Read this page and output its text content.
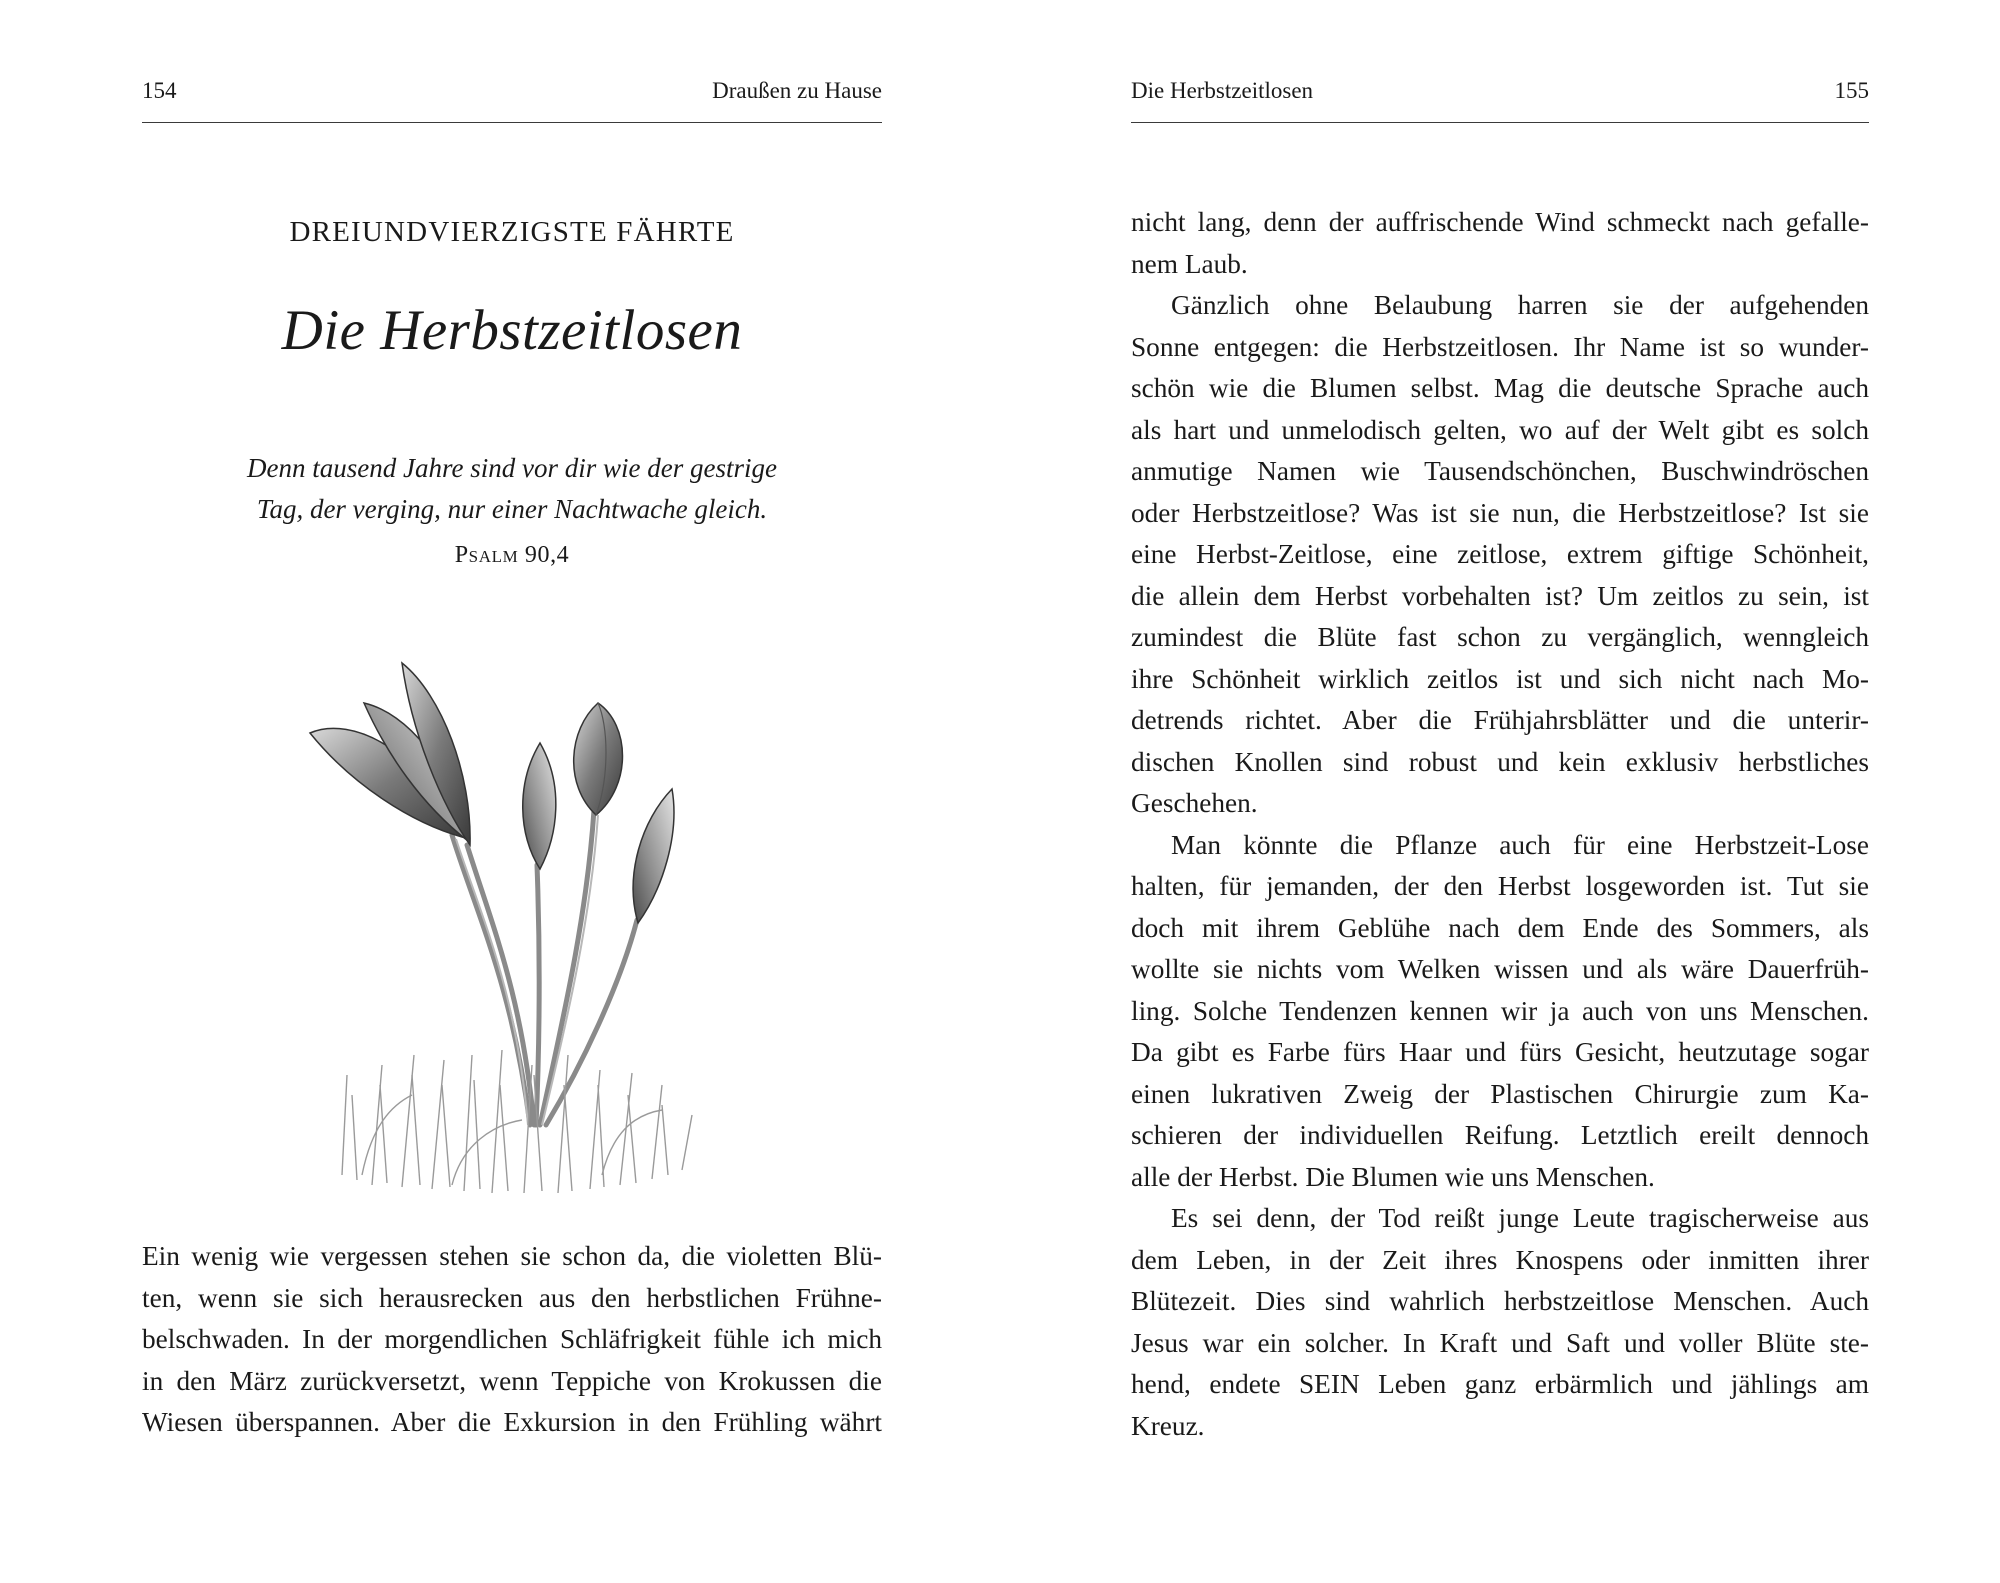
154	Draußen zu Hause
DREIUNDVIERZIGSTE FÄHRTE
Die Herbstzeitlosen
Denn tausend Jahre sind vor dir wie der gestrige
Tag, der verging, nur einer Nachtwache gleich.
Psalm 90,4
Ein wenig wie vergessen stehen sie schon da, die violetten Blü-
ten, wenn sie sich herausrecken aus den herbstlichen Frühne-
belschwaden. In der morgendlichen Schläfrigkeit fühle ich mich
in den März zurückversetzt, wenn Teppiche von Krokussen die
Wiesen überspannen. Aber die Exkursion in den Frühling währt
Die Herbstzeitlosen	155
nicht lang, denn der auffrischende Wind schmeckt nach gefalle-
nem Laub.
Gänzlich ohne Belaubung harren sie der aufgehenden
Sonne entgegen: die Herbstzeitlosen. Ihr Name ist so wunder-
schön wie die Blumen selbst. Mag die deutsche Sprache auch
als hart und unmelodisch gelten, wo auf der Welt gibt es solch
anmutige Namen wie Tausendschönchen, Buschwindröschen
oder Herbstzeitlose? Was ist sie nun, die Herbstzeitlose? Ist sie
eine Herbst-Zeitlose, eine zeitlose, extrem giftige Schönheit,
die allein dem Herbst vorbehalten ist? Um zeitlos zu sein, ist
zumindest die Blüte fast schon zu vergänglich, wenngleich
ihre Schönheit wirklich zeitlos ist und sich nicht nach Mo-
detrends richtet. Aber die Frühjahrsblätter und die unterir-
dischen Knollen sind robust und kein exklusiv herbstliches
Geschehen.
Man könnte die Pflanze auch für eine Herbstzeit-Lose
halten, für jemanden, der den Herbst losgeworden ist. Tut sie
doch mit ihrem Geblühe nach dem Ende des Sommers, als
wollte sie nichts vom Welken wissen und als wäre Dauerfrüh-
ling. Solche Tendenzen kennen wir ja auch von uns Menschen.
Da gibt es Farbe fürs Haar und fürs Gesicht, heutzutage sogar
einen lukrativen Zweig der Plastischen Chirurgie zum Ka-
schieren der individuellen Reifung. Letztlich ereilt dennoch
alle der Herbst. Die Blumen wie uns Menschen.
Es sei denn, der Tod reißt junge Leute tragischerweise aus
dem Leben, in der Zeit ihres Knospens oder inmitten ihrer
Blütezeit. Dies sind wahrlich herbstzeitlose Menschen. Auch
Jesus war ein solcher. In Kraft und Saft und voller Blüte ste-
hend, endete SEIN Leben ganz erbärmlich und jählings am
Kreuz.
